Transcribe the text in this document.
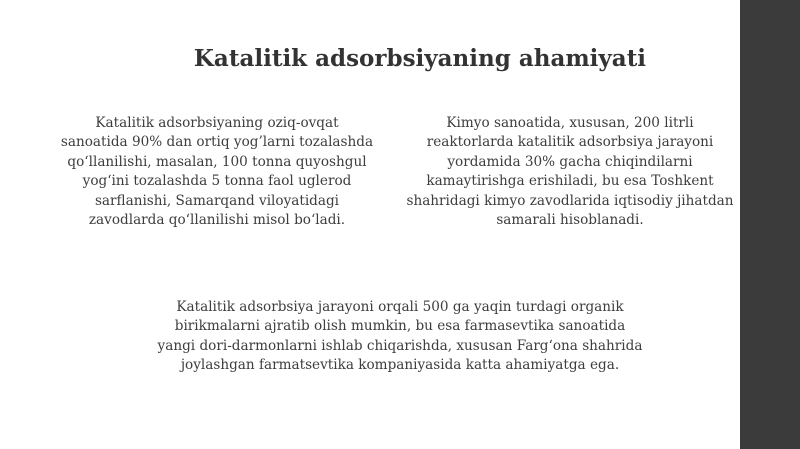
Katalitik adsorbsiyaning ahamiyati
Katalitik adsorbsiyaning oziq-ovqat
sanoatida 90% dan ortiq yog’larni tozalashda
qo‘llanilishi, masalan, 100 tonna quyoshgul
yog‘ini tozalashda 5 tonna faol uglerod
sarflanishi, Samarqand viloyatidagi
zavodlarda qo‘llanilishi misol bo‘ladi.
Kimyo sanoatida, xususan, 200 litrli
reaktorlarda katalitik adsorbsiya jarayoni
yordamida 30% gacha chiqindilarni
kamaytirishga erishiladi, bu esa Toshkent
shahridagi kimyo zavodlarida iqtisodiy jihatdan
samarali hisoblanadi.
Katalitik adsorbsiya jarayoni orqali 500 ga yaqin turdagi organik
birikmalarni ajratib olish mumkin, bu esa farmasevtika sanoatida
yangi dori-darmonlarni ishlab chiqarishda, xususan Farg‘ona shahrida
joylashgan farmatsevtika kompaniyasida katta ahamiyatga ega.
